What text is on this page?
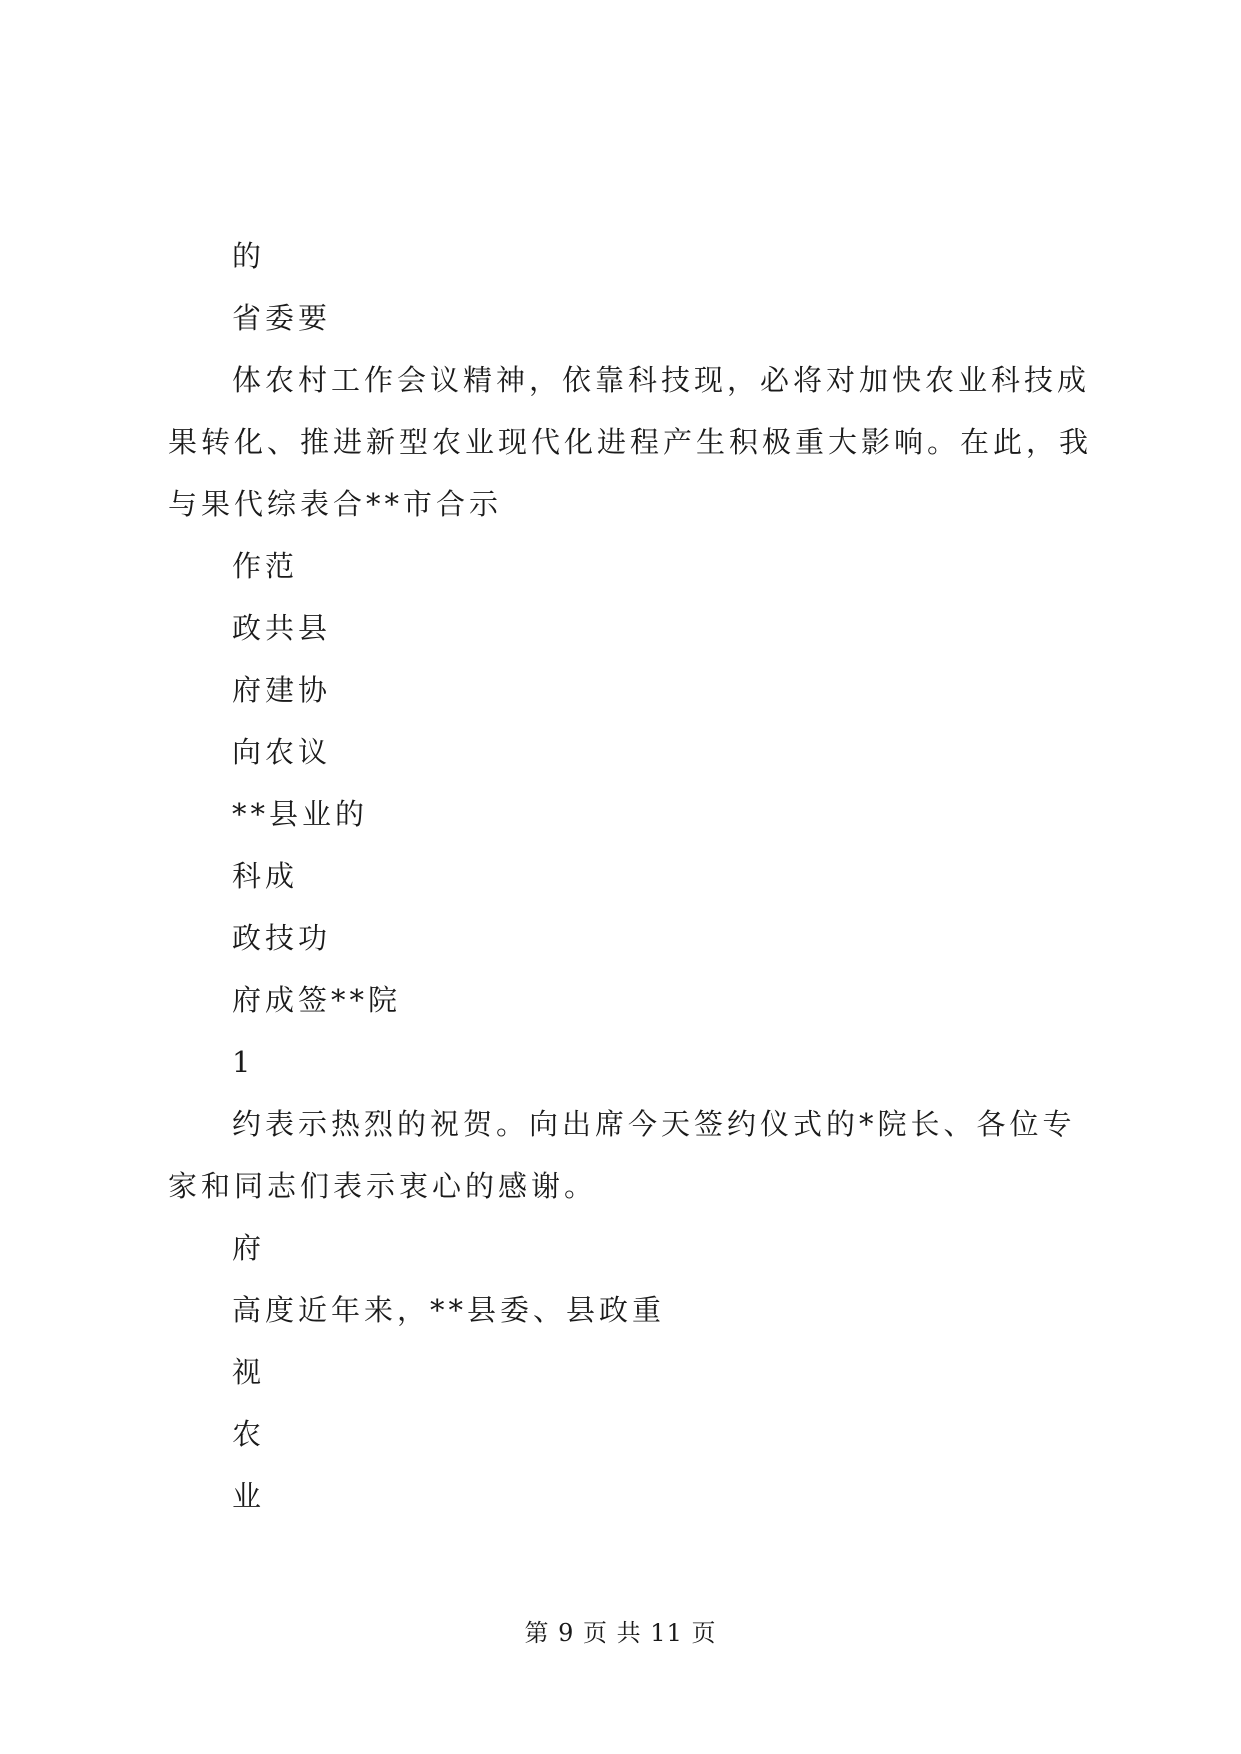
的
省委要
体农村工作会议精神，依靠科技现，必将对加快农业科技成
果转化、推进新型农业现代化进程产生积极重大影响。在此，我
与果代综表合**市合示
作范
政共县
府建协
向农议
**县业的
科成
政技功
府成签**院
1
约表示热烈的祝贺。向出席今天签约仪式的*院长、各位专
家和同志们表示衷心的感谢。
府
高度近年来，**县委、县政重
视
农
业
第 9 页 共 11 页
